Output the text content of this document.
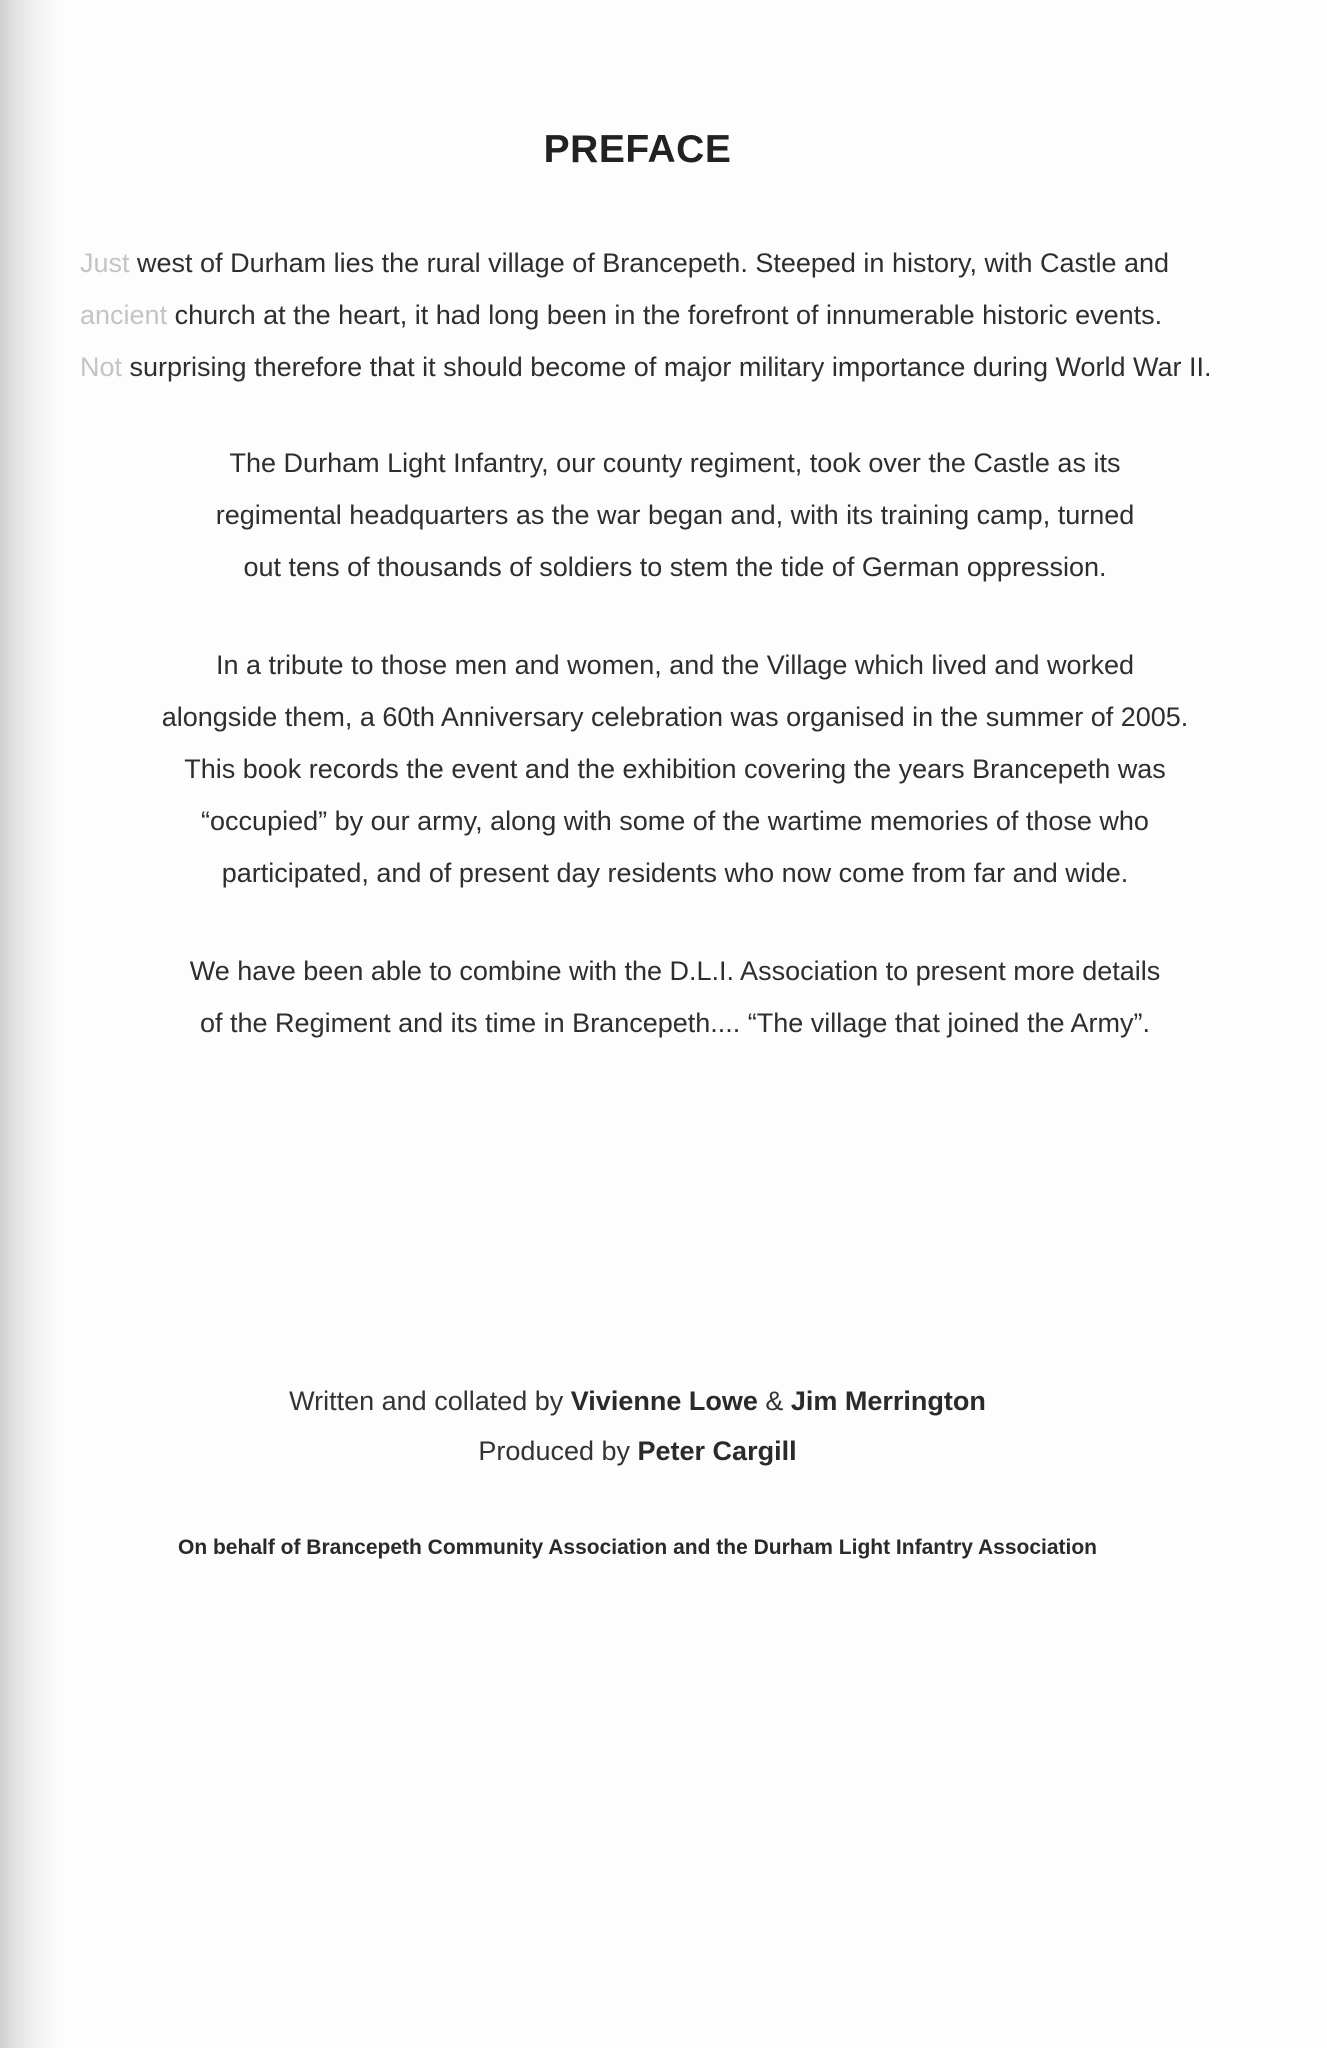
PREFACE

Just west of Durham lies the rural village of Brancepeth. Steeped in history, with Castle and
ancient church at the heart, it had long been in the forefront of innumerable historic events.
Not surprising therefore that it should become of major military importance during World War II.

The Durham Light Infantry, our county regiment, took over the Castle as its
regimental headquarters as the war began and, with its training camp, turned
out tens of thousands of soldiers to stem the tide of German oppression.

In a tribute to those men and women, and the Village which lived and worked
alongside them, a 60th Anniversary celebration was organised in the summer of 2005.
This book records the event and the exhibition covering the years Brancepeth was
“occupied” by our army, along with some of the wartime memories of those who
participated, and of present day residents who now come from far and wide.

We have been able to combine with the D.L.I. Association to present more details
of the Regiment and its time in Brancepeth.... “The village that joined the Army”.

Written and collated by Vivienne Lowe & Jim Merrington
Produced by Peter Cargill
On behalf of Brancepeth Community Association and the Durham Light Infantry Association
